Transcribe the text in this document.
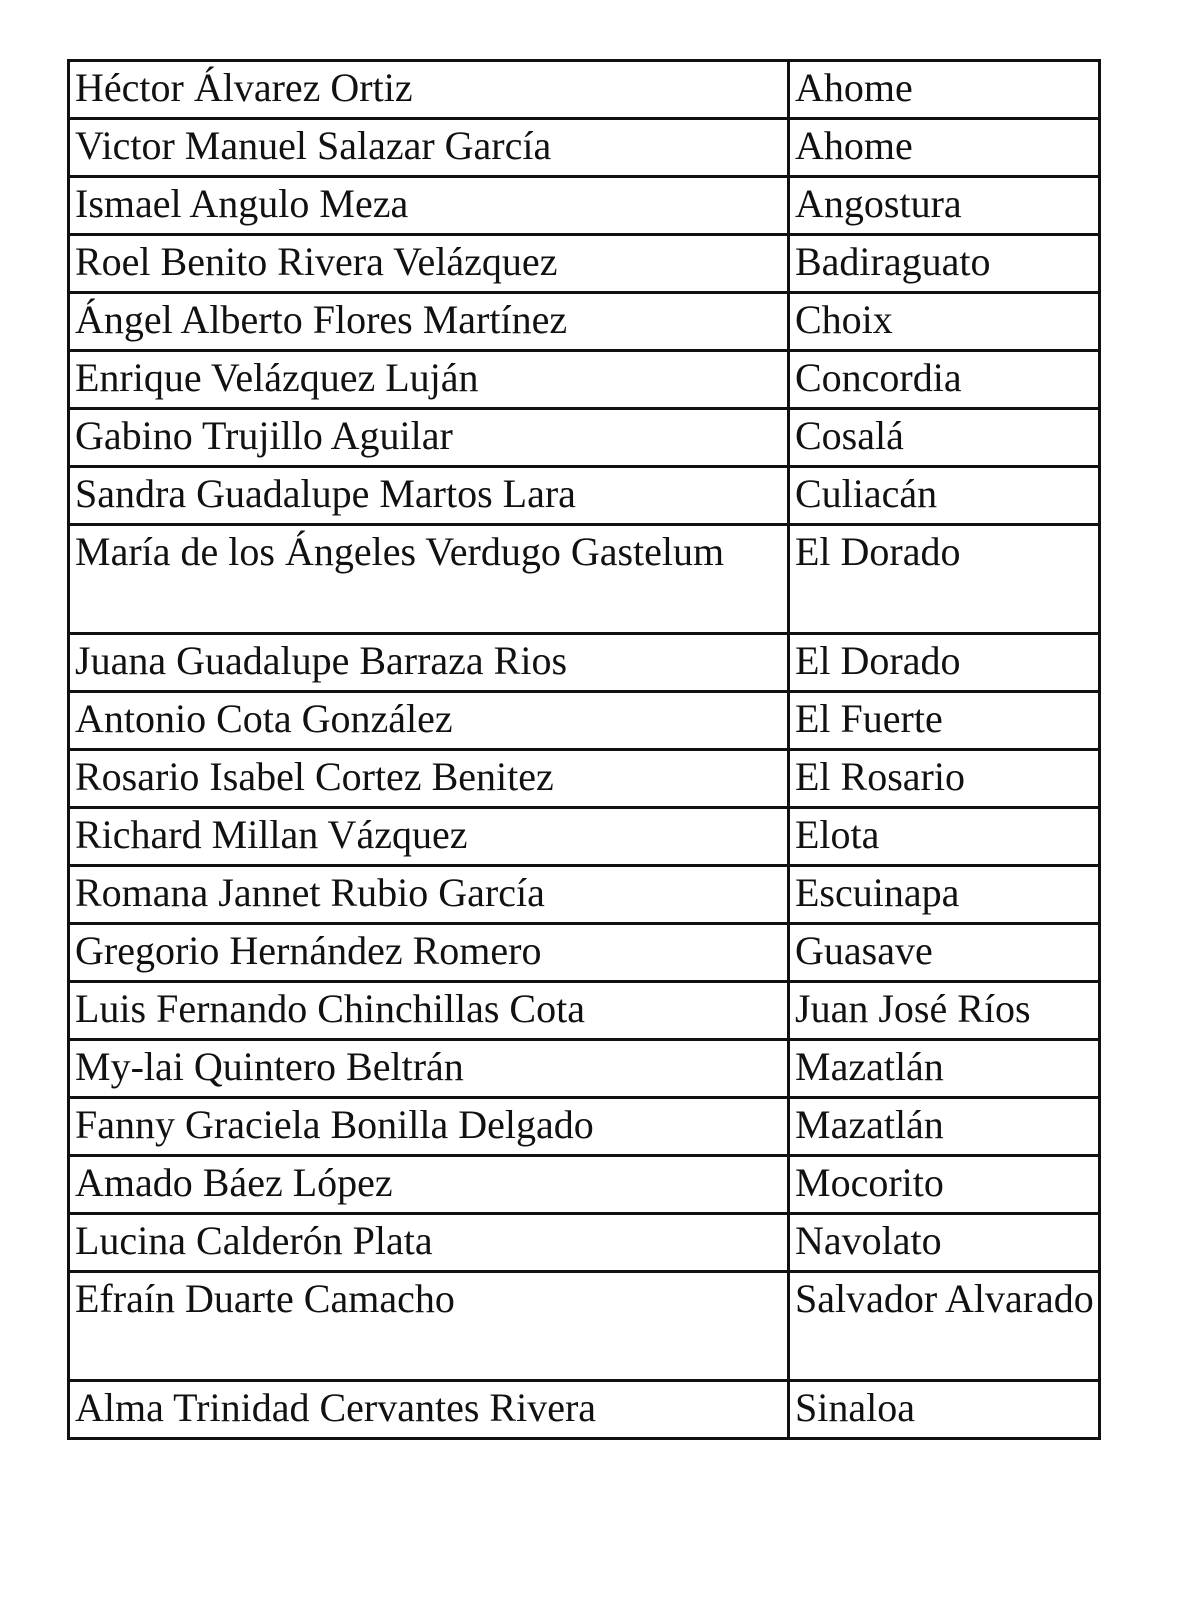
Héctor Álvarez Ortiz	Ahome
Victor Manuel Salazar García	Ahome
Ismael Angulo Meza	Angostura
Roel Benito Rivera Velázquez	Badiraguato
Ángel Alberto Flores Martínez	Choix
Enrique Velázquez Luján	Concordia
Gabino Trujillo Aguilar	Cosalá
Sandra Guadalupe Martos Lara	Culiacán
María de los Ángeles Verdugo Gastelum	El Dorado
Juana Guadalupe Barraza Rios	El Dorado
Antonio Cota González	El Fuerte
Rosario Isabel Cortez Benitez	El Rosario
Richard Millan Vázquez	Elota
Romana Jannet Rubio García	Escuinapa
Gregorio Hernández Romero	Guasave
Luis Fernando Chinchillas Cota	Juan José Ríos
My-lai Quintero Beltrán	Mazatlán
Fanny Graciela Bonilla Delgado	Mazatlán
Amado Báez López	Mocorito
Lucina Calderón Plata	Navolato
Efraín Duarte Camacho	Salvador Alvarado
Alma Trinidad Cervantes Rivera	Sinaloa
